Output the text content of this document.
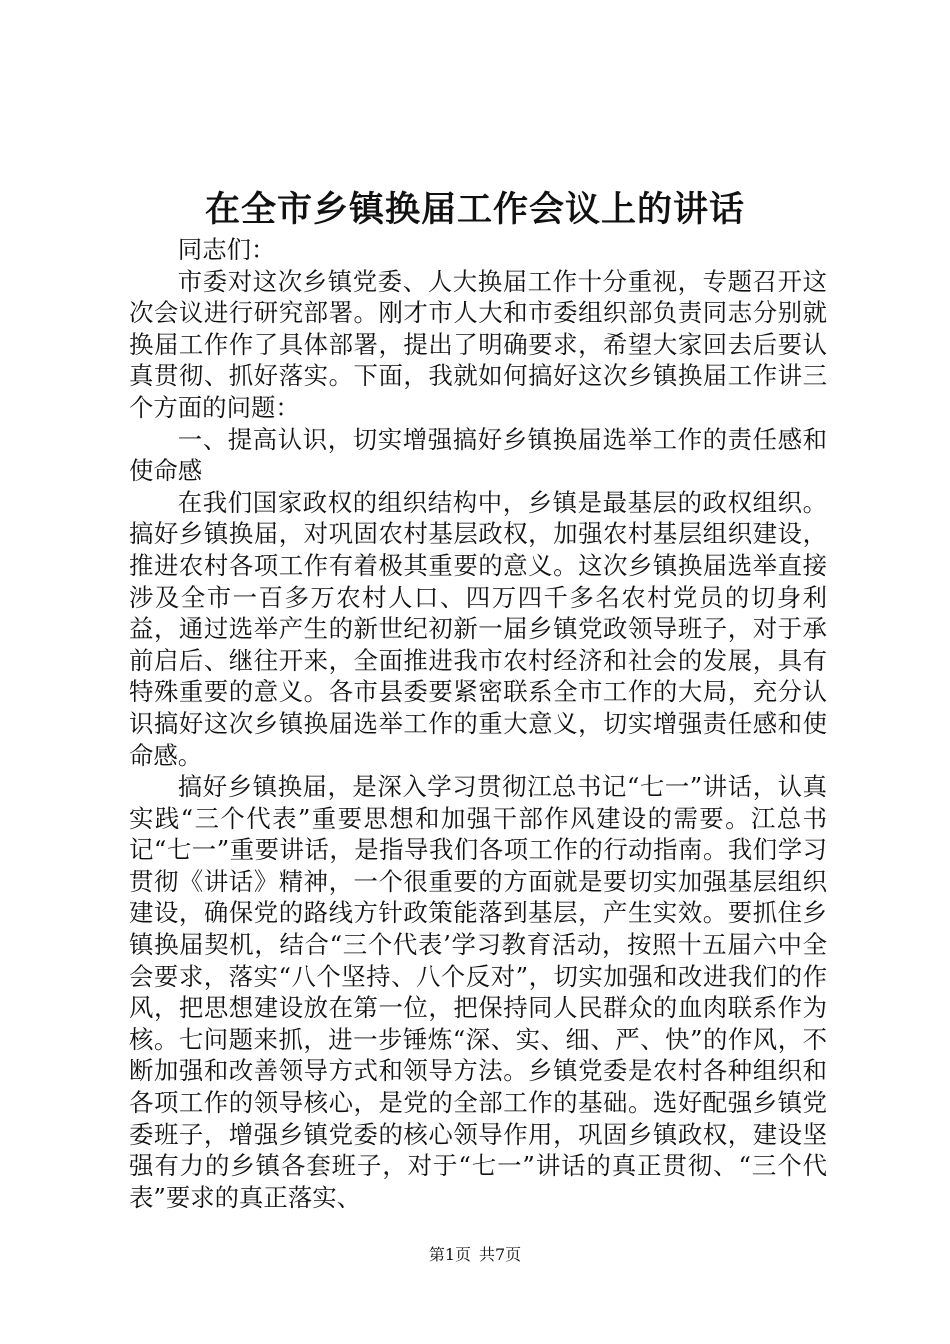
在全市乡镇换届工作会议上的讲话

同志们：

市委对这次乡镇党委、人大换届工作十分重视，专题召开这次会议进行研究部署。刚才市人大和市委组织部负责同志分别就换届工作作了具体部署，提出了明确要求，希望大家回去后要认真贯彻、抓好落实。下面，我就如何搞好这次乡镇换届工作讲三个方面的问题：

一、提高认识，切实增强搞好乡镇换届选举工作的责任感和使命感

在我们国家政权的组织结构中，乡镇是最基层的政权组织。搞好乡镇换届，对巩固农村基层政权，加强农村基层组织建设，推进农村各项工作有着极其重要的意义。这次乡镇换届选举直接涉及全市一百多万农村人口、四万四千多名农村党员的切身利益，通过选举产生的新世纪初新一届乡镇党政领导班子，对于承前启后、继往开来，全面推进我市农村经济和社会的发展，具有特殊重要的意义。各市县委要紧密联系全市工作的大局，充分认识搞好这次乡镇换届选举工作的重大意义，切实增强责任感和使命感。

搞好乡镇换届，是深入学习贯彻江总书记“七一”讲话，认真实践“三个代表”重要思想和加强干部作风建设的需要。江总书记“七一”重要讲话，是指导我们各项工作的行动指南。我们学习贯彻《讲话》精神，一个很重要的方面就是要切实加强基层组织建设，确保党的路线方针政策能落到基层，产生实效。要抓住乡镇换届契机，结合“三个代表’学习教育活动，按照十五届六中全会要求，落实“八个坚持、八个反对”，切实加强和改进我们的作风，把思想建设放在第一位，把保持同人民群众的血肉联系作为核。七问题来抓，进一步锤炼“深、实、细、严、快”的作风，不断加强和改善领导方式和领导方法。乡镇党委是农村各种组织和各项工作的领导核心，是党的全部工作的基础。选好配强乡镇党委班子，增强乡镇党委的核心领导作用，巩固乡镇政权，建设坚强有力的乡镇各套班子，对于“七一”讲话的真正贯彻、“三个代表”要求的真正落实、

第1页 共7页
